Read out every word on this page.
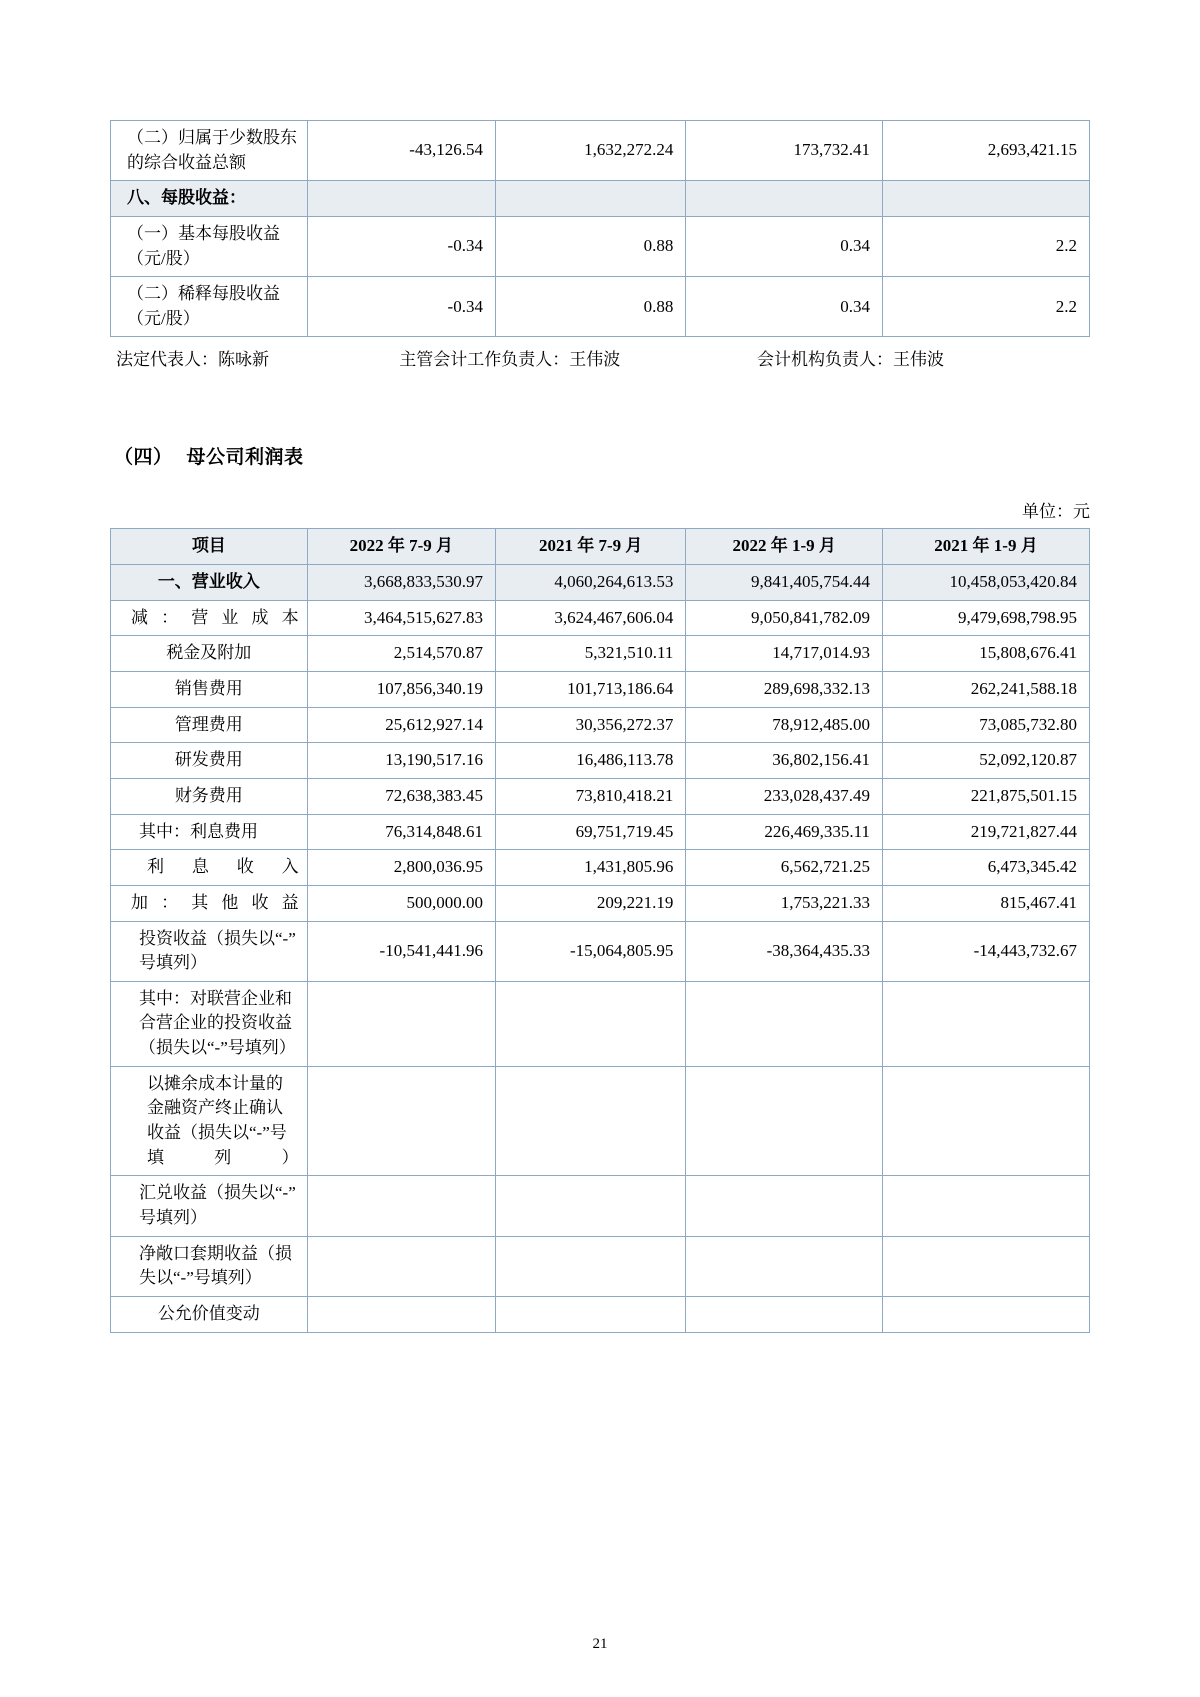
（二）归属于少数股东的综合收益总额	-43,126.54	1,632,272.24	173,732.41	2,693,421.15
八、每股收益：				
（一）基本每股收益（元/股）	-0.34	0.88	0.34	2.2
（二）稀释每股收益（元/股）	-0.34	0.88	0.34	2.2
法定代表人：陈咏新	主管会计工作负责人：王伟波	会计机构负责人：王伟波
（四） 母公司利润表
单位：元
项目	2022 年 7-9 月	2021 年 7-9 月	2022 年 1-9 月	2021 年 1-9 月
一、营业收入	3,668,833,530.97	4,060,264,613.53	9,841,405,754.44	10,458,053,420.84
减：营业成本	3,464,515,627.83	3,624,467,606.04	9,050,841,782.09	9,479,698,798.95
税金及附加	2,514,570.87	5,321,510.11	14,717,014.93	15,808,676.41
销售费用	107,856,340.19	101,713,186.64	289,698,332.13	262,241,588.18
管理费用	25,612,927.14	30,356,272.37	78,912,485.00	73,085,732.80
研发费用	13,190,517.16	16,486,113.78	36,802,156.41	52,092,120.87
财务费用	72,638,383.45	73,810,418.21	233,028,437.49	221,875,501.15
其中：利息费用	76,314,848.61	69,751,719.45	226,469,335.11	219,721,827.44
利息收入	2,800,036.95	1,431,805.96	6,562,721.25	6,473,345.42
加：其他收益	500,000.00	209,221.19	1,753,221.33	815,467.41
投资收益（损失以“-”号填列）	-10,541,441.96	-15,064,805.95	-38,364,435.33	-14,443,732.67
其中：对联营企业和合营企业的投资收益（损失以“-”号填列）				
以摊余成本计量的金融资产终止确认收益（损失以“-”号填列）				
汇兑收益（损失以“-”号填列）				
净敞口套期收益（损失以“-”号填列）				
公允价值变动				
21
